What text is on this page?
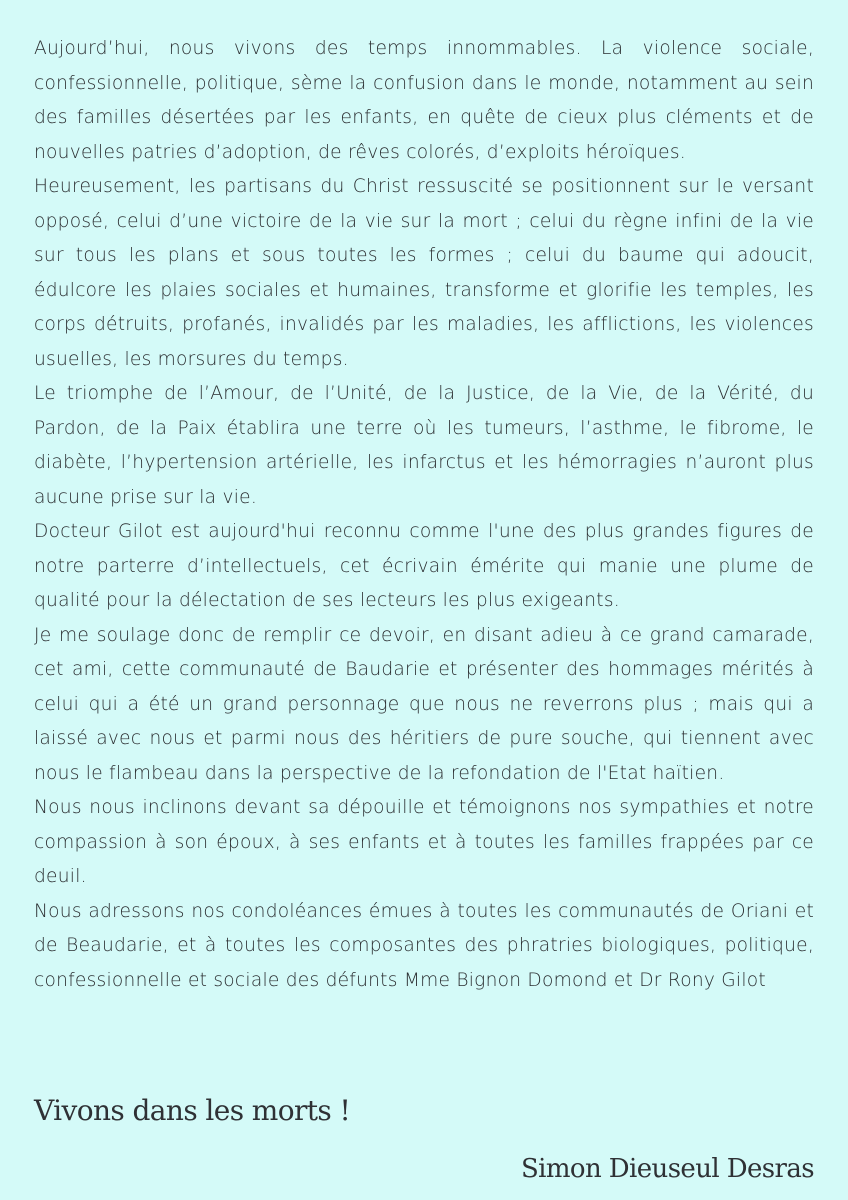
Aujourd’hui, nous vivons des temps innommables. La violence sociale, confessionnelle, politique, sème la confusion dans le monde, notamment au sein des familles désertées par les enfants, en quête de cieux plus cléments et de nouvelles patries d’adoption, de rêves colorés, d’exploits héroïques.

Heureusement, les partisans du Christ ressuscité se positionnent sur le versant opposé, celui d’une victoire de la vie sur la mort ; celui du règne infini de la vie sur tous les plans et sous toutes les formes ; celui du baume qui adoucit, édulcore les plaies sociales et humaines, transforme et glorifie les temples, les corps détruits, profanés, invalidés par les maladies, les afflictions, les violences usuelles, les morsures du temps.

Le triomphe de l’Amour, de l’Unité, de la Justice, de la Vie, de la Vérité, du Pardon, de la Paix établira une terre où les tumeurs, l’asthme, le fibrome, le diabète, l’hypertension artérielle, les infarctus et les hémorragies n’auront plus aucune prise sur la vie.

Docteur Gilot est aujourd'hui reconnu comme l'une des plus grandes figures de notre parterre d’intellectuels, cet écrivain émérite qui manie une plume de qualité pour la délectation de ses lecteurs les plus exigeants.

Je me soulage donc de remplir ce devoir, en disant adieu à ce grand camarade, cet ami, cette communauté de Baudarie et présenter des hommages mérités à celui qui a été un grand personnage que nous ne reverrons plus ; mais qui a laissé avec nous et parmi nous des héritiers de pure souche, qui tiennent avec nous le flambeau dans la perspective de la refondation de l'Etat haïtien.

Nous nous inclinons devant sa dépouille et témoignons nos sympathies et notre compassion à son époux, à ses enfants et à toutes les familles frappées par ce deuil.

Nous adressons nos condoléances émues à toutes les communautés de Oriani et de Beaudarie, et à toutes les composantes des phratries biologiques, politique, confessionnelle et sociale des défunts Mme Bignon Domond et Dr Rony Gilot

Vivons dans les morts !

Simon Dieuseul Desras
